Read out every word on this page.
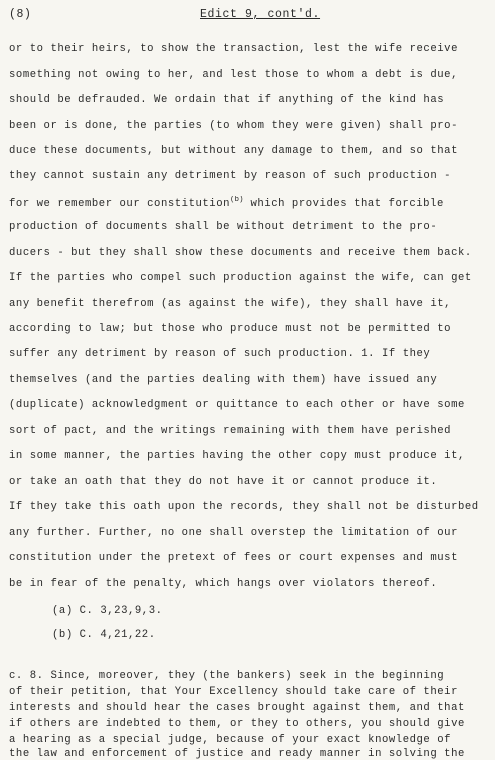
(8)	Edict 9, cont'd.
or to their heirs, to show the transaction, lest the wife receive
something not owing to her, and lest those to whom a debt is due,
should be defrauded. We ordain that if anything of the kind has
been or is done, the parties (to whom they were given) shall pro-
duce these documents, but without any damage to them, and so that
they cannot sustain any detriment by reason of such production -
for we remember our constitution$^{(b)}$ which provides that forcible
production of documents shall be without detriment to the pro-
ducers - but they shall show these documents and receive them back.
If the parties who compel such production against the wife, can get
any benefit therefrom (as against the wife), they shall have it,
according to law; but those who produce must not be permitted to
suffer any detriment by reason of such production. 1. If they
themselves (and the parties dealing with them) have issued any
(duplicate) acknowledgment or quittance to each other or have some
sort of pact, and the writings remaining with them have perished
in some manner, the parties having the other copy must produce it,
or take an oath that they do not have it or cannot produce it.
If they take this oath upon the records, they shall not be disturbed
any further. Further, no one shall overstep the limitation of our
constitution under the pretext of fees or court expenses and must
be in fear of the penalty, which hangs over violators thereof.
(a) C. 3,23,9,3.
(b) C. 4,21,22.
c. 8. Since, moreover, they (the bankers) seek in the beginning
of their petition, that Your Excellency should take care of their
interests and should hear the cases brought against them, and that
if others are indebted to them, or they to others, you should give
a hearing as a special judge, because of your exact knowledge of
the law and enforcement of justice and ready manner in solving the
